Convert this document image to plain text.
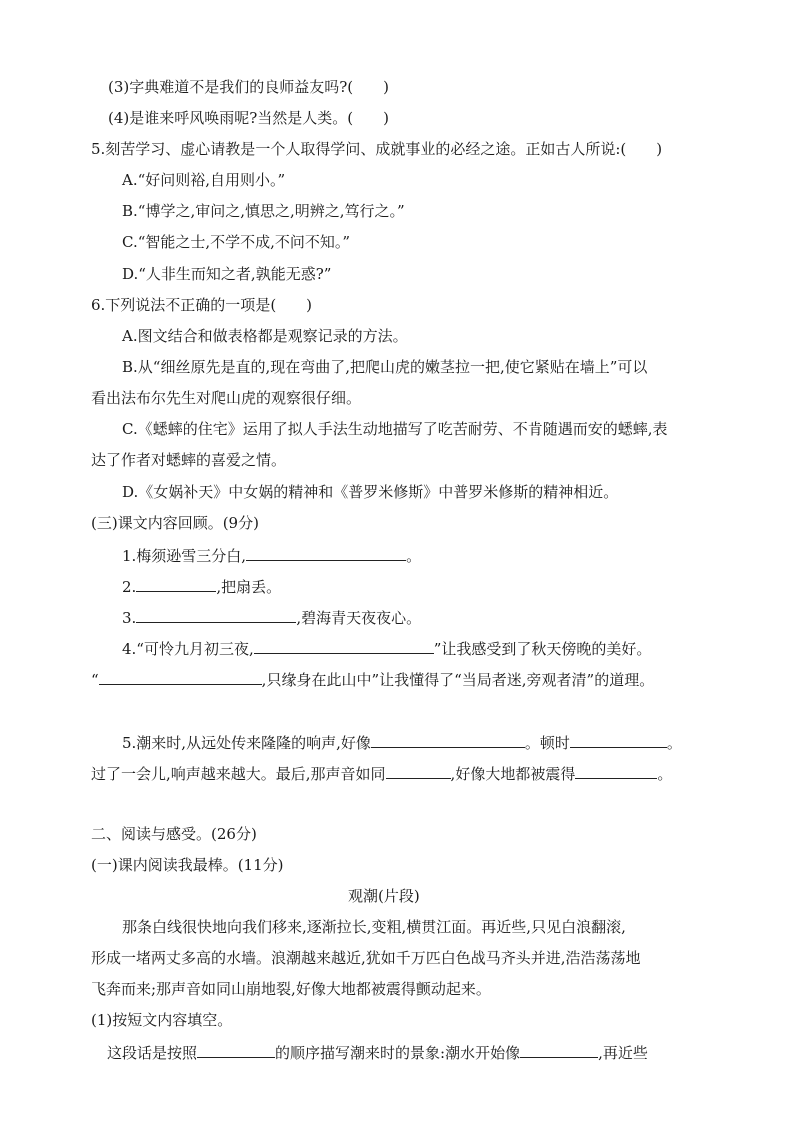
(3)字典难道不是我们的良师益友吗?(　　)
(4)是谁来呼风唤雨呢?当然是人类。(　　)
5.刻苦学习、虚心请教是一个人取得学问、成就事业的必经之途。正如古人所说:(　　)
A.“好问则裕,自用则小。”
B.“博学之,审问之,慎思之,明辨之,笃行之。”
C.“智能之士,不学不成,不问不知。”
D.“人非生而知之者,孰能无惑?”
6.下列说法不正确的一项是(　　)
A.图文结合和做表格都是观察记录的方法。
B.从“细丝原先是直的,现在弯曲了,把爬山虎的嫩茎拉一把,使它紧贴在墙上”可以
看出法布尔先生对爬山虎的观察很仔细。
C.《蟋蟀的住宅》运用了拟人手法生动地描写了吃苦耐劳、不肯随遇而安的蟋蟀,表
达了作者对蟋蟀的喜爱之情。
D.《女娲补天》中女娲的精神和《普罗米修斯》中普罗米修斯的精神相近。
(三)课文内容回顾。(9分)
1.梅须逊雪三分白,	。
2.	,把扇丢。
3.	,碧海青天夜夜心。
4.“可怜九月初三夜,	”让我感受到了秋天傍晚的美好。
“	,只缘身在此山中”让我懂得了“当局者迷,旁观者清”的道理。
5.潮来时,从远处传来隆隆的响声,好像	。顿时	。
过了一会儿,响声越来越大。最后,那声音如同	,好像大地都被震得	。
二、阅读与感受。(26分)
(一)课内阅读我最棒。(11分)
观潮(片段)
那条白线很快地向我们移来,逐渐拉长,变粗,横贯江面。再近些,只见白浪翻滚,
形成一堵两丈多高的水墙。浪潮越来越近,犹如千万匹白色战马齐头并进,浩浩荡荡地
飞奔而来;那声音如同山崩地裂,好像大地都被震得颤动起来。
(1)按短文内容填空。
这段话是按照	的顺序描写潮来时的景象:潮水开始像	,再近些
